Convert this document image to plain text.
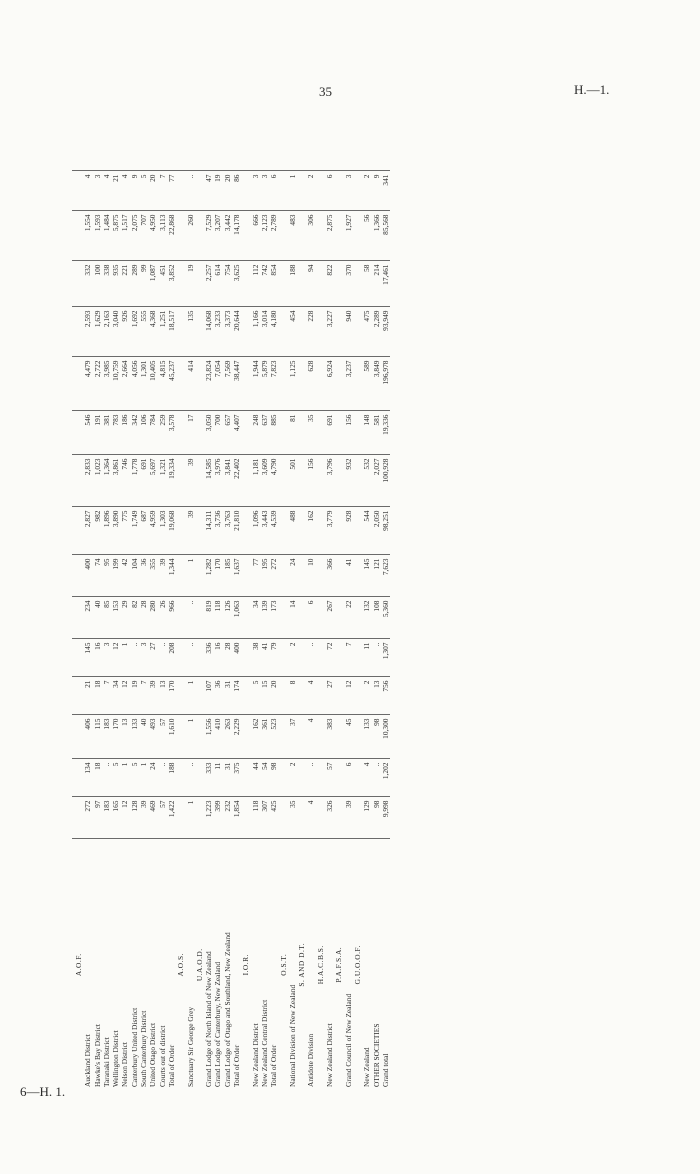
35	H.—1.
6—H. 1.
A.O.F.																
Auckland District	272	134	406	21	145	234	400	2,827	2,833	546	4,479	2,593	332	1,554	4	
Hawke's Bay District	97	18	115	18	16	40	74	982	1,023	191	2,722	1,629	100	1,593	3	
Taranaki District	183	..	183	7	3	85	95	1,896	1,364	381	3,985	2,163	338	1,484	4	
Wellington District	165	5	170	34	12	153	199	3,890	3,861	783	10,759	3,040	935	5,875	21	
Nelson District	12	1	13	12	1	29	42	775	746	186	2,664	926	221	1,517	4	
Canterbury United District	128	5	133	19	..	82	104	1,749	1,778	342	4,056	1,692	289	2,075	9	
South Canterbury District	39	1	40	7	3	28	36	687	691	106	1,301	555	99	707	5	
United Otago District	469	24	493	39	27	280	355	4,959	5,697	784	10,405	4,368	1,087	4,950	20	
Courts out of district	57	..	57	13	..	26	39	1,303	1,321	259	4,815	1,251	451	3,113	7	
Total of Order	1,422	188	1,610	170	208	966	1,344	19,068	19,334	3,578	45,237	18,517	3,852	22,868	77	
A.O.S.																
Sanctuary Sir George Grey	1	..	1	1	..	..	1	39	39	17	414	135	19	260	..	
U.A.O.D.																
Grand Lodge of North Island of New Zealand	1,223	333	1,556	107	336	819	1,282	14,311	14,585	3,050	23,824	14,068	2,257	7,529	47	
Grand Lodge of Canterbury, New Zealand	399	11	410	36	16	118	170	3,736	3,976	700	7,054	3,233	614	3,207	19	
Grand Lodge of Otago and Southland, New Zealand	232	31	263	31	28	126	185	3,763	3,841	657	7,569	3,373	754	3,442	20	
Total of Order	1,854	375	2,229	174	400	1,063	1,637	21,810	22,402	4,407	38,447	20,644	3,625	14,178	86	
I.O.R.																
New Zealand District	118	44	162	5	38	34	77	1,096	1,181	248	1,944	1,166	112	666	3	
New Zealand Central District	307	54	361	15	41	139	195	3,443	3,609	637	5,879	3,014	742	2,123	3	
Total of Order	425	98	523	20	79	173	272	4,539	4,790	885	7,823	4,180	854	2,789	6	
O.S.T.																
National Division of New Zealand	35	2	37	8	2	14	24	488	501	81	1,125	454	188	483	1	
S. AND D.T.																
Antidote Division	4	..	4	4	..	6	10	162	156	35	628	228	94	306	2	
H.A.C.B.S.																
New Zealand District	326	57	383	27	72	267	366	3,779	3,796	691	6,924	3,227	822	2,875	6	
P.A.F.S.A.																
Grand Council of New Zealand	39	6	45	12	7	22	41	928	932	156	3,237	940	370	1,927	3	
G.U.O.O.F.																
New Zealand	129	4	133	2	11	132	145	544	532	148	589	475	58	56	2	
OTHER SOCIETIES	98	..	98	13	..	108	121	2,050	2,027	581	3,849	2,289	214	1,366	9	
Grand total	9,998	1,202	10,300	756	1,307	5,360	7,623	98,251	100,928	19,336	196,978	93,949	17,461	85,568	341	
